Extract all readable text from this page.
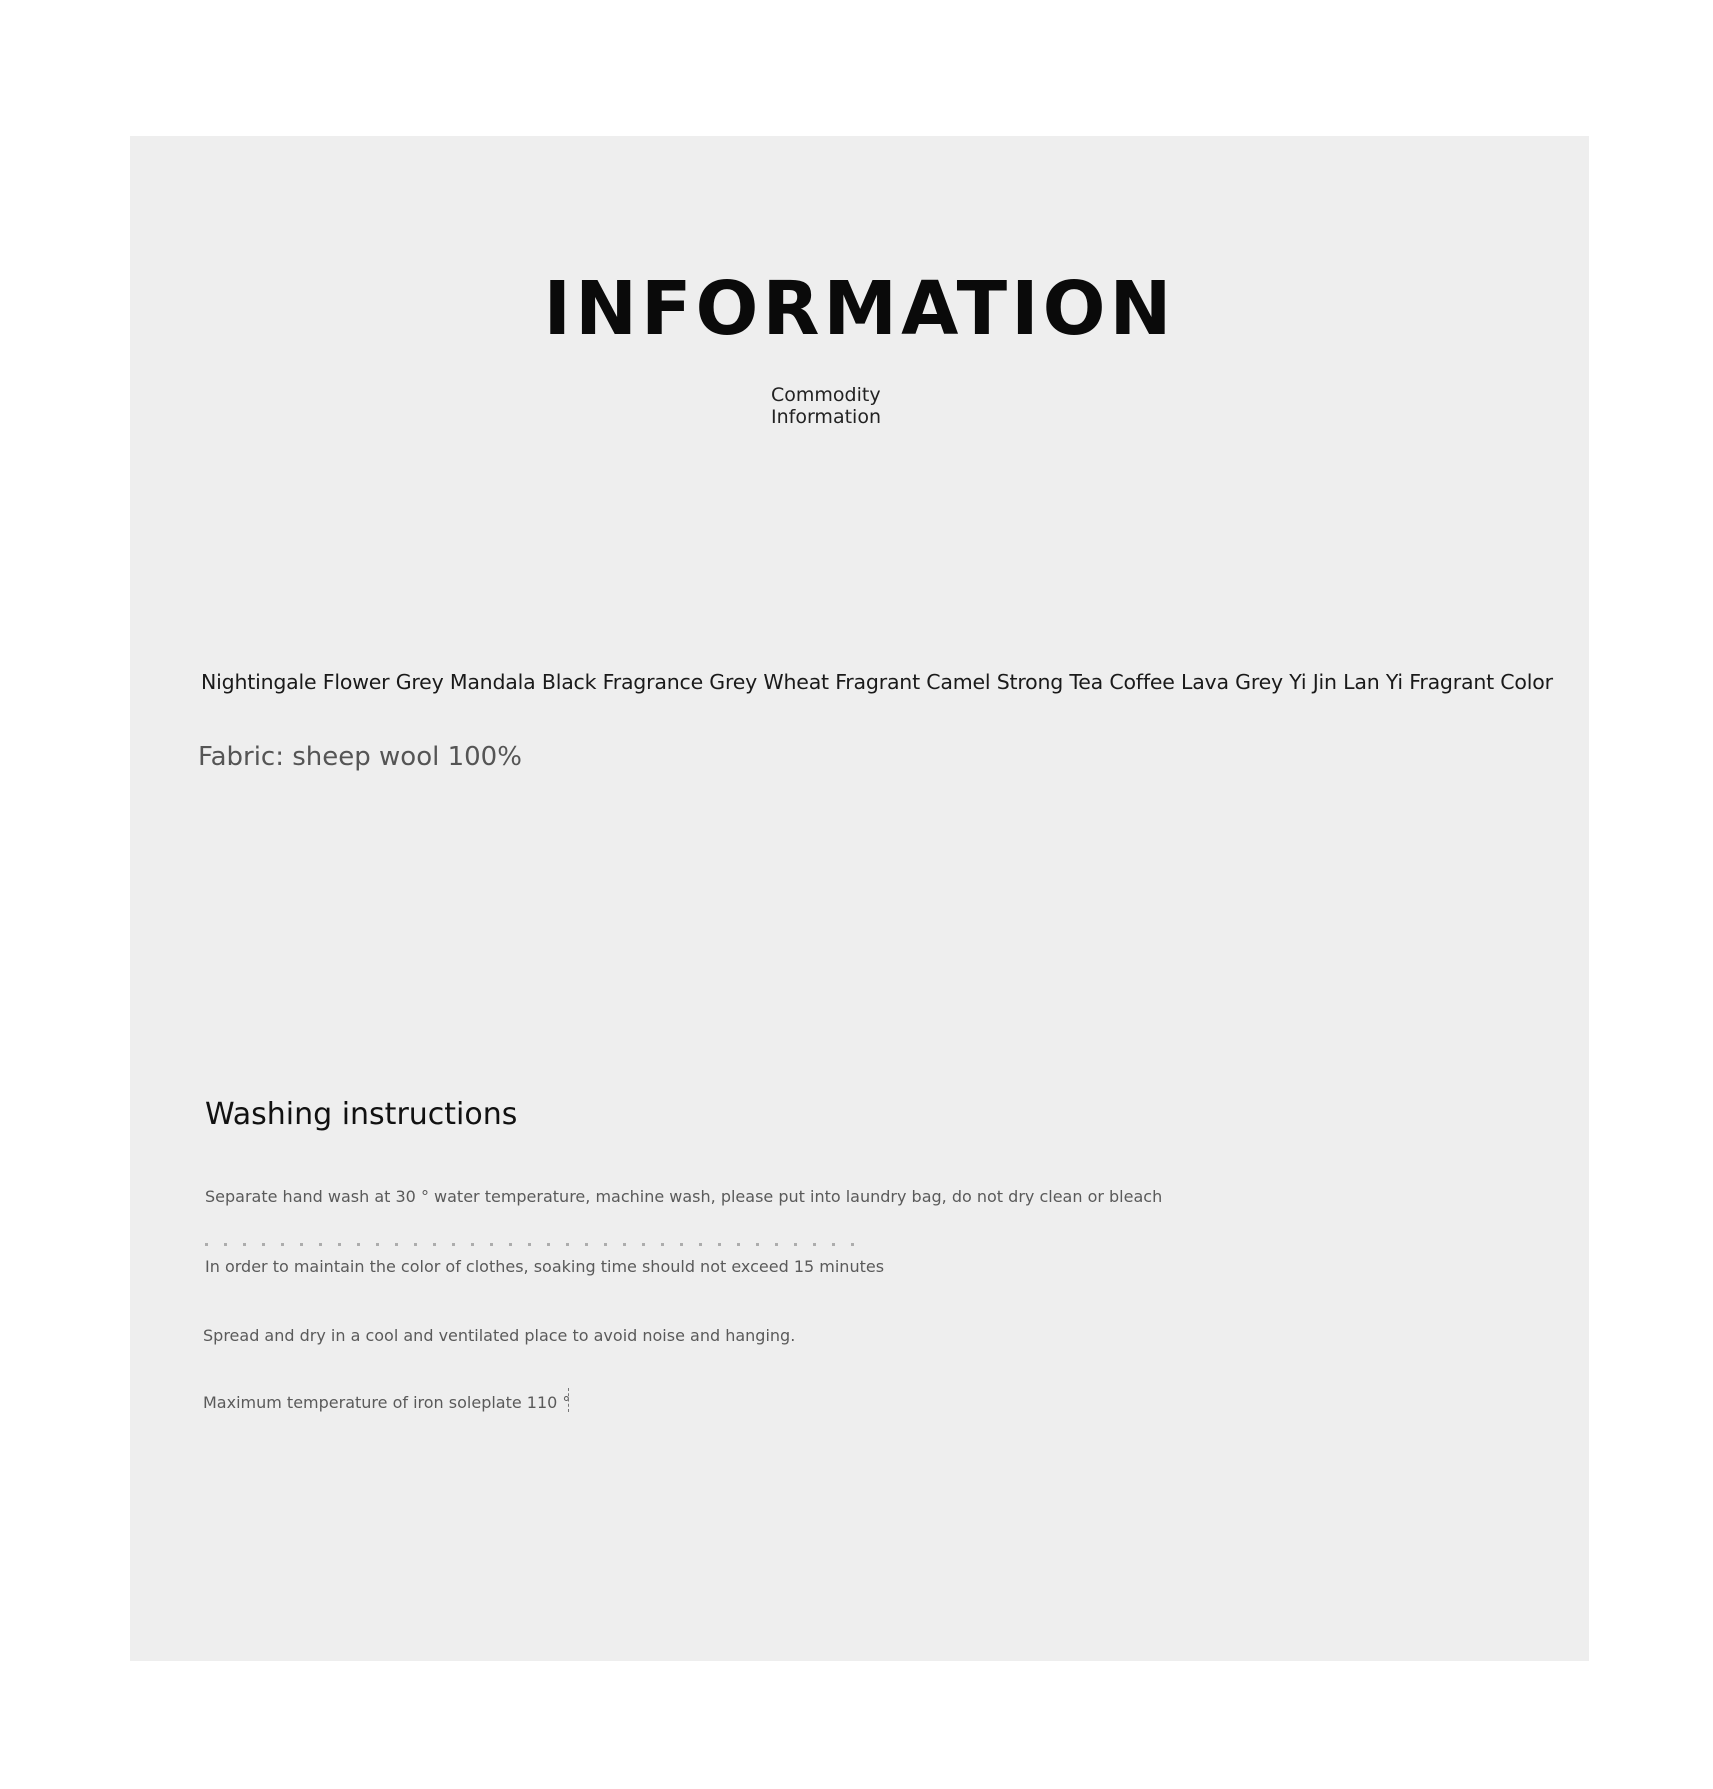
INFORMATION
Commodity
Information
Nightingale Flower Grey Mandala Black Fragrance Grey Wheat Fragrant Camel Strong Tea Coffee Lava Grey Yi Jin Lan Yi Fragrant Color
Fabric: sheep wool 100%
Washing instructions
Separate hand wash at 30 ° water temperature, machine wash, please put into laundry bag, do not dry clean or bleach
In order to maintain the color of clothes, soaking time should not exceed 15 minutes
Spread and dry in a cool and ventilated place to avoid noise and hanging.
Maximum temperature of iron soleplate 110 °
